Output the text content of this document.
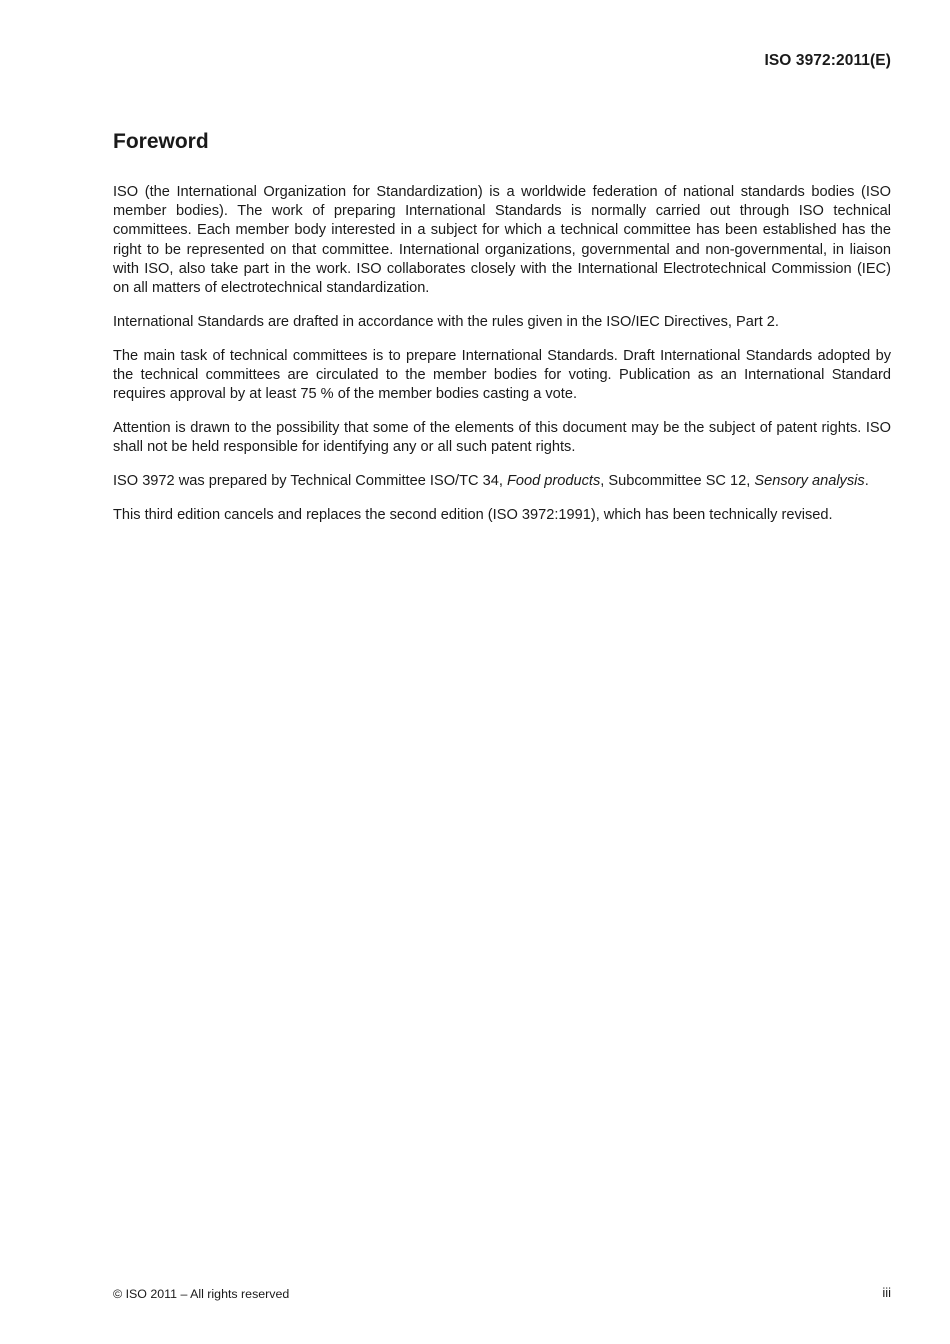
ISO 3972:2011(E)
Foreword

ISO (the International Organization for Standardization) is a worldwide federation of national standards bodies (ISO member bodies). The work of preparing International Standards is normally carried out through ISO technical committees. Each member body interested in a subject for which a technical committee has been established has the right to be represented on that committee. International organizations, governmental and non-governmental, in liaison with ISO, also take part in the work. ISO collaborates closely with the International Electrotechnical Commission (IEC) on all matters of electrotechnical standardization.

International Standards are drafted in accordance with the rules given in the ISO/IEC Directives, Part 2.

The main task of technical committees is to prepare International Standards. Draft International Standards adopted by the technical committees are circulated to the member bodies for voting. Publication as an International Standard requires approval by at least 75 % of the member bodies casting a vote.

Attention is drawn to the possibility that some of the elements of this document may be the subject of patent rights. ISO shall not be held responsible for identifying any or all such patent rights.

ISO 3972 was prepared by Technical Committee ISO/TC 34, Food products, Subcommittee SC 12, Sensory analysis.

This third edition cancels and replaces the second edition (ISO 3972:1991), which has been technically revised.

© ISO 2011 – All rights reserved	iii
